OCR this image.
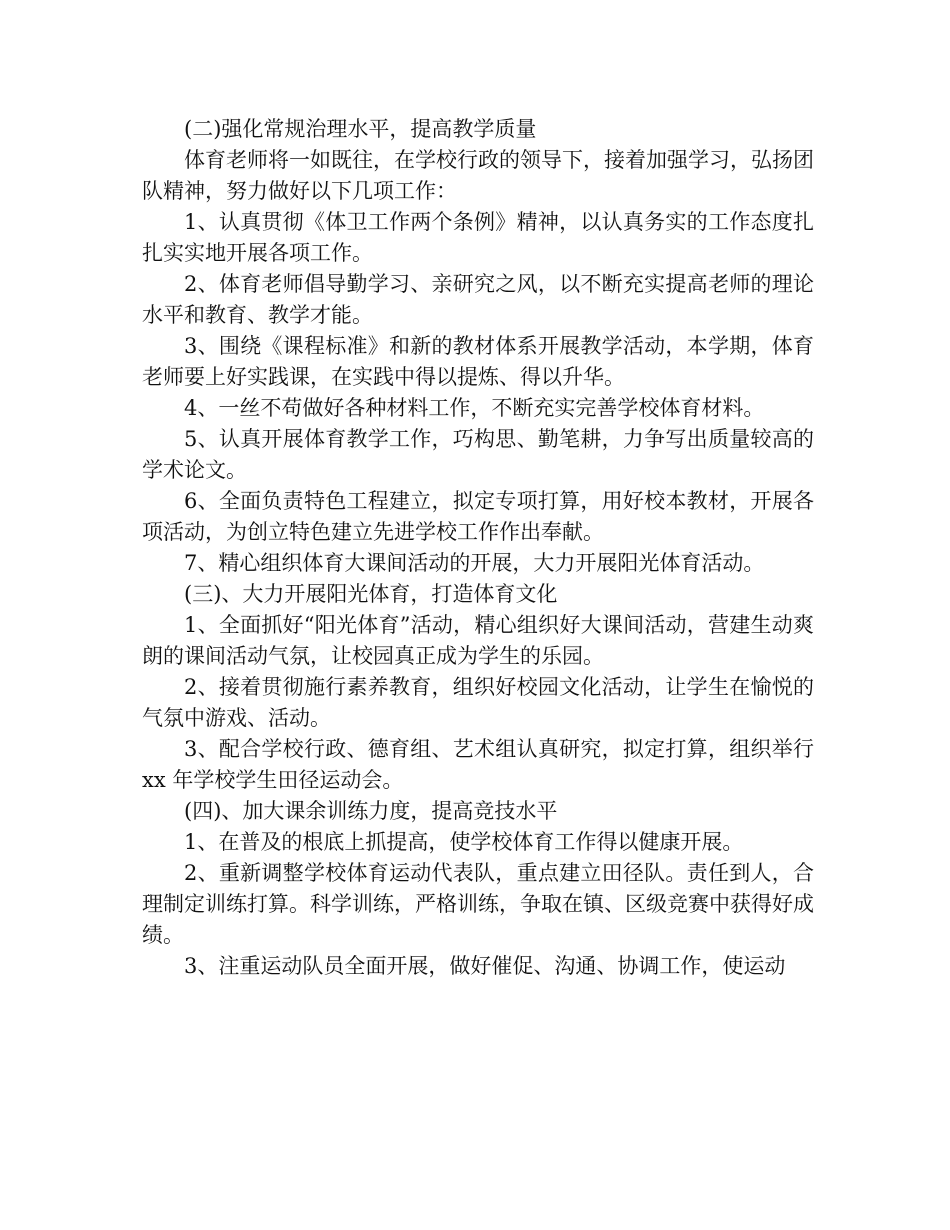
(二)强化常规治理水平，提高教学质量

体育老师将一如既往，在学校行政的领导下，接着加强学习，弘扬团队精神，努力做好以下几项工作：

1、认真贯彻《体卫工作两个条例》精神，以认真务实的工作态度扎扎实实地开展各项工作。

2、体育老师倡导勤学习、亲研究之风，以不断充实提高老师的理论水平和教育、教学才能。

3、围绕《课程标准》和新的教材体系开展教学活动，本学期，体育老师要上好实践课，在实践中得以提炼、得以升华。

4、一丝不苟做好各种材料工作，不断充实完善学校体育材料。

5、认真开展体育教学工作，巧构思、勤笔耕，力争写出质量较高的学术论文。

6、全面负责特色工程建立，拟定专项打算，用好校本教材，开展各项活动，为创立特色建立先进学校工作作出奉献。

7、精心组织体育大课间活动的开展，大力开展阳光体育活动。

(三)、大力开展阳光体育，打造体育文化

1、全面抓好“阳光体育”活动，精心组织好大课间活动，营建生动爽朗的课间活动气氛，让校园真正成为学生的乐园。

2、接着贯彻施行素养教育，组织好校园文化活动，让学生在愉悦的气氛中游戏、活动。

3、配合学校行政、德育组、艺术组认真研究，拟定打算，组织举行 xx 年学校学生田径运动会。

(四)、加大课余训练力度，提高竞技水平

1、在普及的根底上抓提高，使学校体育工作得以健康开展。

2、重新调整学校体育运动代表队，重点建立田径队。责任到人，合理制定训练打算。科学训练，严格训练，争取在镇、区级竞赛中获得好成绩。

3、注重运动队员全面开展，做好催促、沟通、协调工作，使运动
